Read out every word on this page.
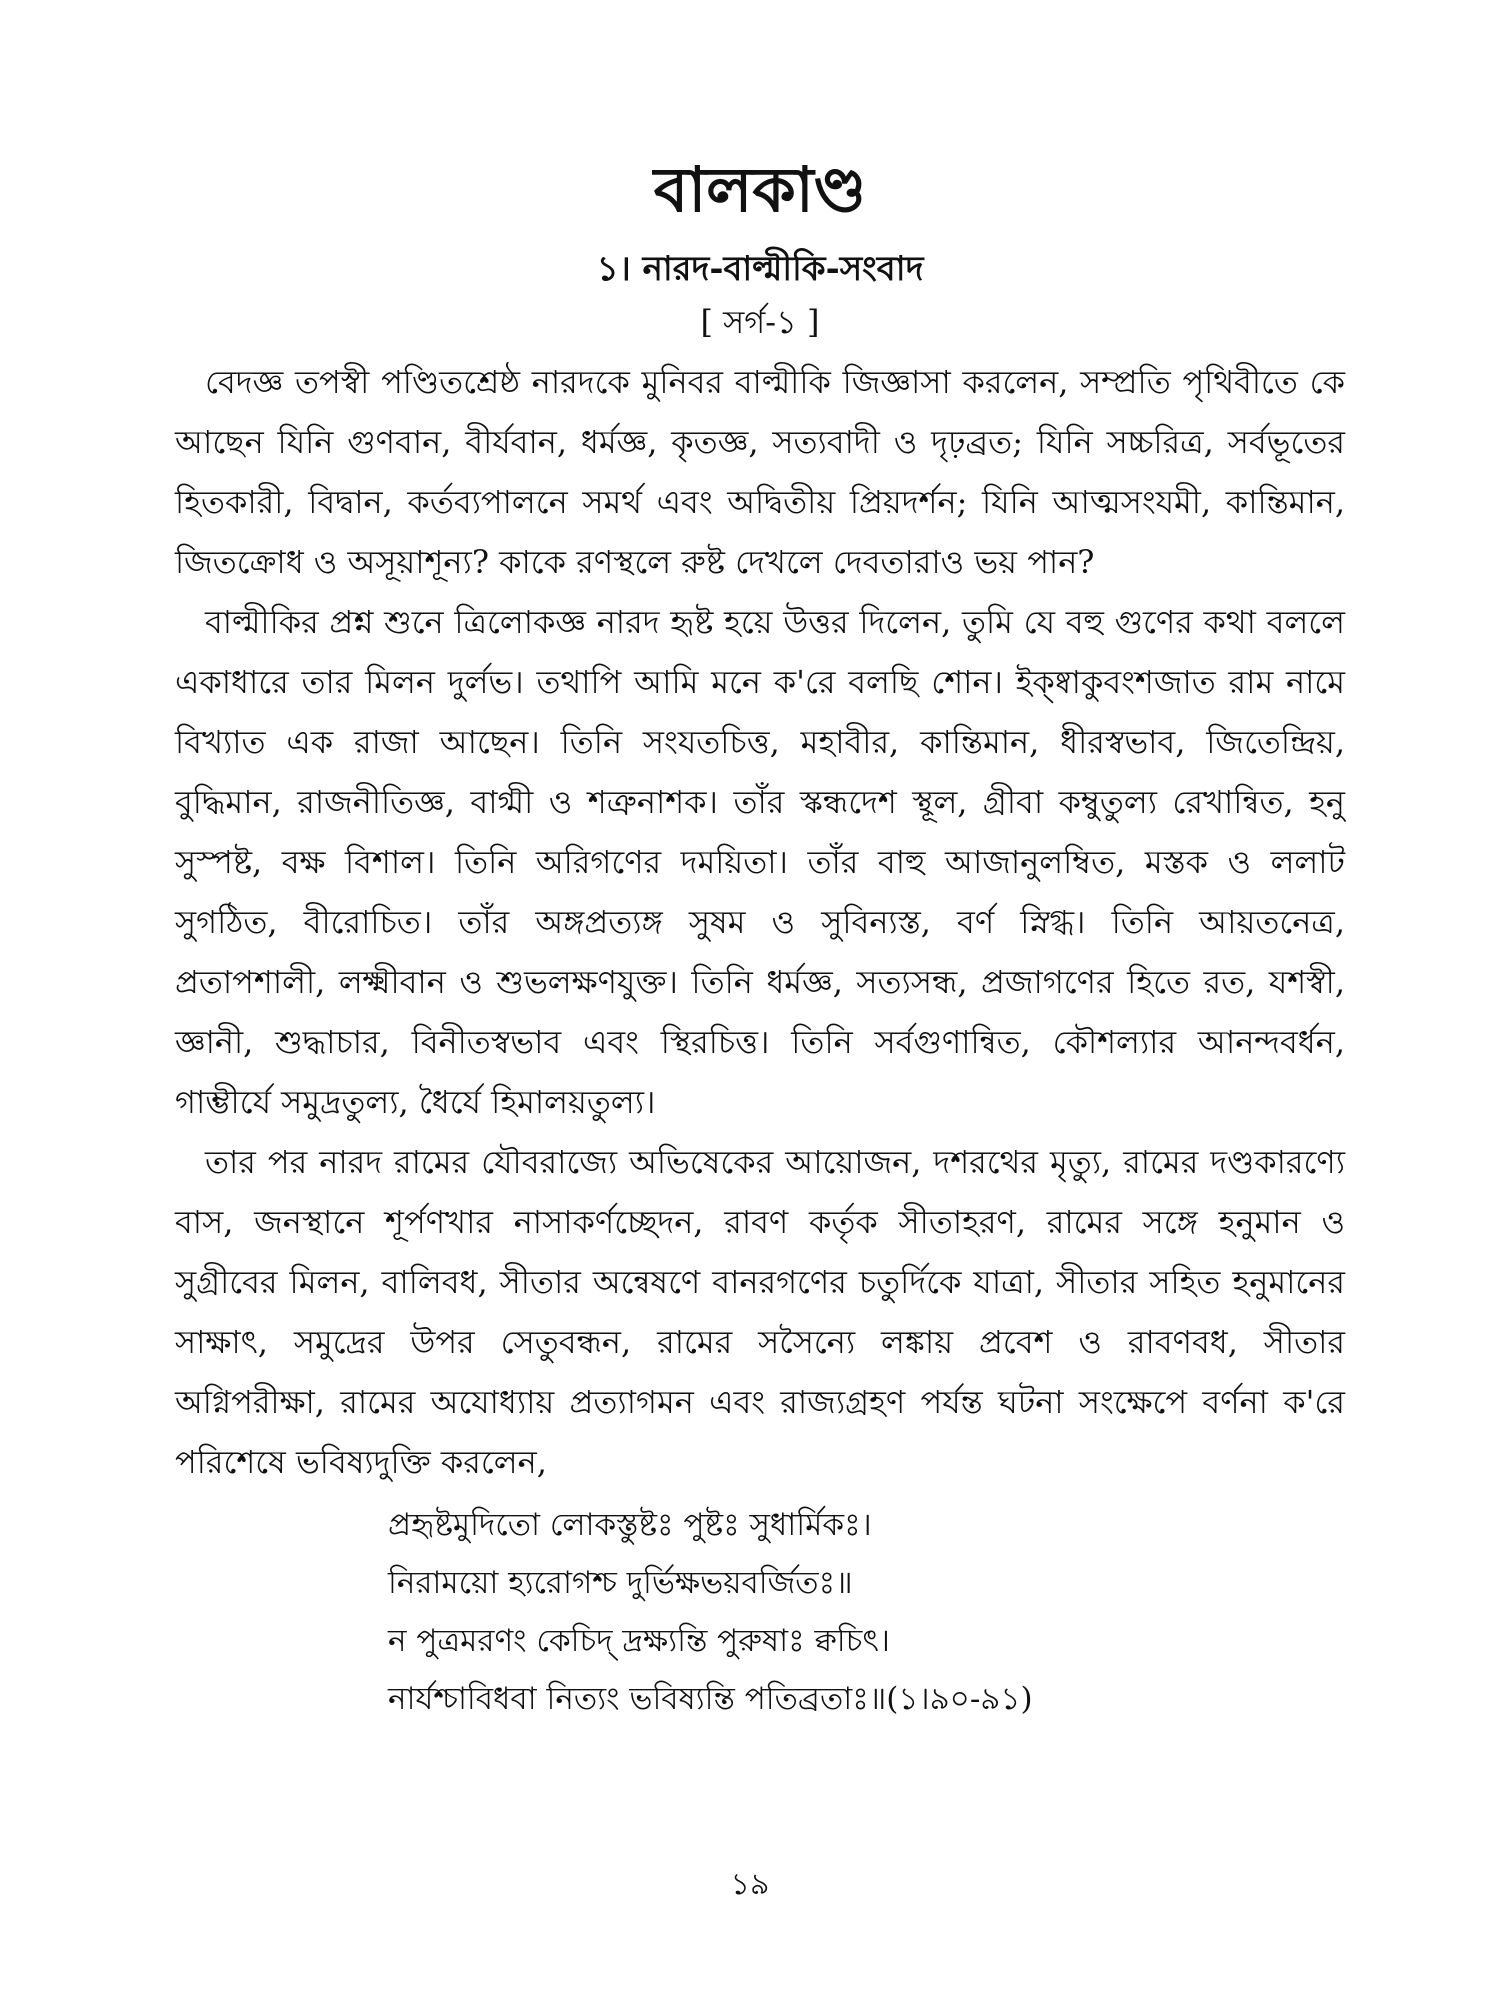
বালকাণ্ড
১। নারদ-বাল্মীকি-সংবাদ
[ সর্গ-১ ]

বেদজ্ঞ তপস্বী পণ্ডিতশ্রেষ্ঠ নারদকে মুনিবর বাল্মীকি জিজ্ঞাসা করলেন, সম্প্রতি পৃথিবীতে কে আছেন যিনি গুণবান, বীর্যবান, ধর্মজ্ঞ, কৃতজ্ঞ, সত্যবাদী ও দৃঢ়ব্রত; যিনি সচ্চরিত্র, সর্বভূতের হিতকারী, বিদ্বান, কর্তব্যপালনে সমর্থ এবং অদ্বিতীয় প্রিয়দর্শন; যিনি আত্মসংযমী, কান্তিমান, জিতক্রোধ ও অসূয়াশূন্য? কাকে রণস্থলে রুষ্ট দেখলে দেবতারাও ভয় পান?

বাল্মীকির প্রশ্ন শুনে ত্রিলোকজ্ঞ নারদ হৃষ্ট হয়ে উত্তর দিলেন, তুমি যে বহু গুণের কথা বললে একাধারে তার মিলন দুর্লভ। তথাপি আমি মনে ক'রে বলছি শোন। ইক্ষ্বাকুবংশজাত রাম নামে বিখ্যাত এক রাজা আছেন। তিনি সংযতচিত্ত, মহাবীর, কান্তিমান, ধীরস্বভাব, জিতেন্দ্রিয়, বুদ্ধিমান, রাজনীতিজ্ঞ, বাগ্মী ও শত্রুনাশক। তাঁর স্কন্ধদেশ স্থূল, গ্রীবা কম্বুতুল্য রেখান্বিত, হনু সুস্পষ্ট, বক্ষ বিশাল। তিনি অরিগণের দময়িতা। তাঁর বাহু আজানুলম্বিত, মস্তক ও ললাট সুগঠিত, বীরোচিত। তাঁর অঙ্গপ্রত্যঙ্গ সুষম ও সুবিন্যস্ত, বর্ণ স্নিগ্ধ। তিনি আয়তনেত্র, প্রতাপশালী, লক্ষ্মীবান ও শুভলক্ষণযুক্ত। তিনি ধর্মজ্ঞ, সত্যসন্ধ, প্রজাগণের হিতে রত, যশস্বী, জ্ঞানী, শুদ্ধাচার, বিনীতস্বভাব এবং স্থিরচিত্ত। তিনি সর্বগুণান্বিত, কৌশল্যার আনন্দবর্ধন, গাম্ভীর্যে সমুদ্রতুল্য, ধৈর্যে হিমালয়তুল্য।

তার পর নারদ রামের যৌবরাজ্যে অভিষেকের আয়োজন, দশরথের মৃত্যু, রামের দণ্ডকারণ্যে বাস, জনস্থানে শূর্পণখার নাসাকর্ণচ্ছেদন, রাবণ কর্তৃক সীতাহরণ, রামের সঙ্গে হনুমান ও সুগ্রীবের মিলন, বালিবধ, সীতার অন্বেষণে বানরগণের চতুর্দিকে যাত্রা, সীতার সহিত হনুমানের সাক্ষাৎ, সমুদ্রের উপর সেতুবন্ধন, রামের সসৈন্যে লঙ্কায় প্রবেশ ও রাবণবধ, সীতার অগ্নিপরীক্ষা, রামের অযোধ্যায় প্রত্যাগমন এবং রাজ্যগ্রহণ পর্যন্ত ঘটনা সংক্ষেপে বর্ণনা ক'রে পরিশেষে ভবিষ্যদুক্তি করলেন,

প্রহৃষ্টমুদিতো লোকস্তুষ্টঃ পুষ্টঃ সুধার্মিকঃ।
নিরাময়ো হ্যরোগশ্চ দুর্ভিক্ষভয়বর্জিতঃ॥
ন পুত্রমরণং কেচিদ্‌ দ্রক্ষ্যন্তি পুরুষাঃ ক্বচিৎ।
নার্যশ্চাবিধবা নিত্যং ভবিষ্যন্তি পতিব্রতাঃ॥(১।৯০-৯১)
১৯
